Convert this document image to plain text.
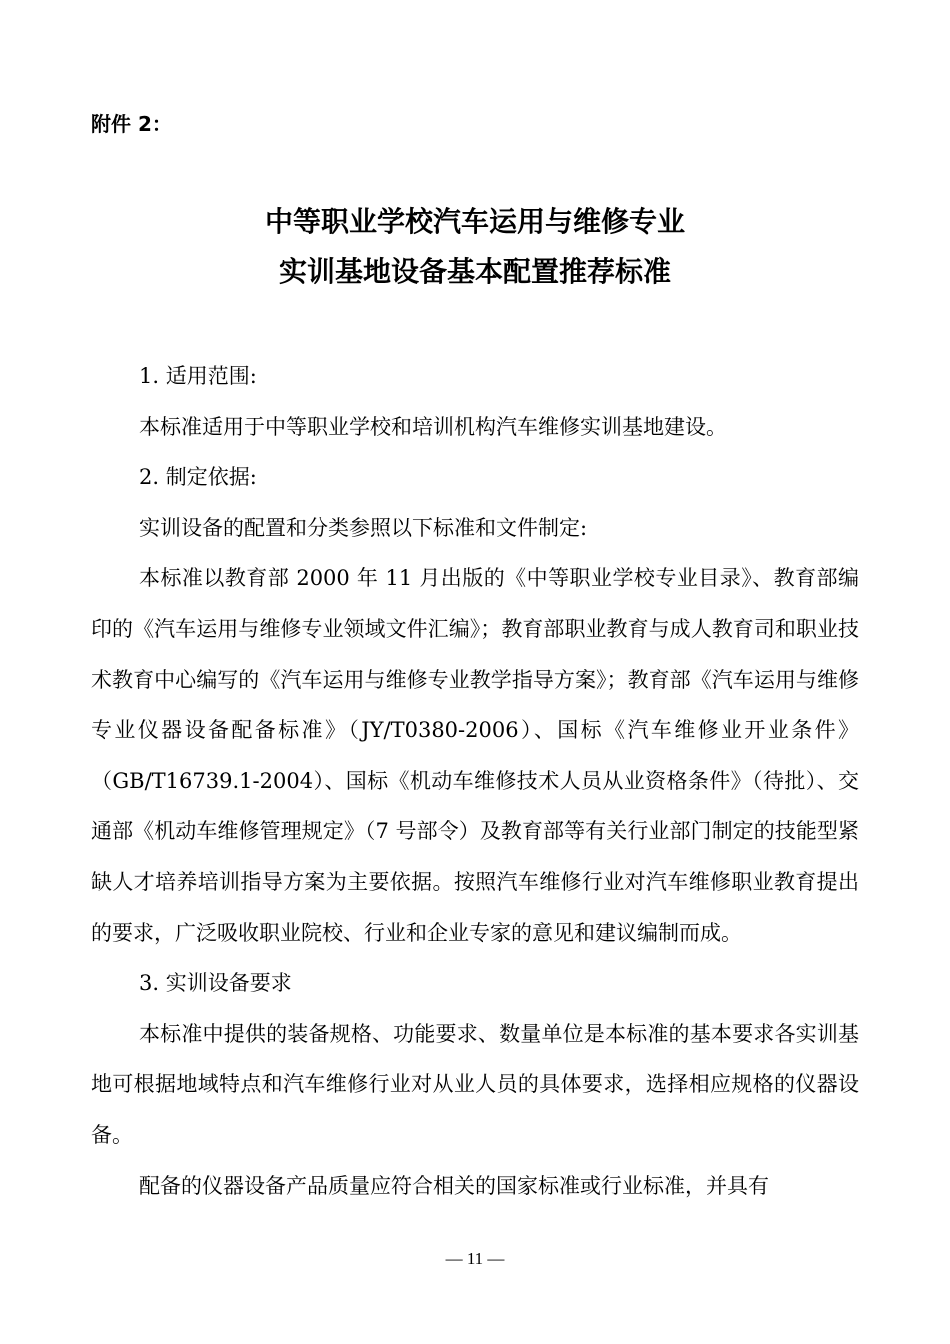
附件 2：
中等职业学校汽车运用与维修专业
实训基地设备基本配置推荐标准

1. 适用范围:

本标准适用于中等职业学校和培训机构汽车维修实训基地建设。

2. 制定依据:

实训设备的配置和分类参照以下标准和文件制定:

本标准以教育部 2000 年 11 月出版的《中等职业学校专业目录》、教育部编印的《汽车运用与维修专业领域文件汇编》；教育部职业教育与成人教育司和职业技术教育中心编写的《汽车运用与维修专业教学指导方案》；教育部《汽车运用与维修专业仪器设备配备标准》（JY/T0380-2006）、国标《汽车维修业开业条件》（GB/T16739.1-2004）、国标《机动车维修技术人员从业资格条件》（待批）、交通部《机动车维修管理规定》（7 号部令）及教育部等有关行业部门制定的技能型紧缺人才培养培训指导方案为主要依据。按照汽车维修行业对汽车维修职业教育提出的要求，广泛吸收职业院校、行业和企业专家的意见和建议编制而成。

3. 实训设备要求

本标准中提供的装备规格、功能要求、数量单位是本标准的基本要求各实训基地可根据地域特点和汽车维修行业对从业人员的具体要求，选择相应规格的仪器设备。

配备的仪器设备产品质量应符合相关的国家标准或行业标准，并具有

— 11 —
